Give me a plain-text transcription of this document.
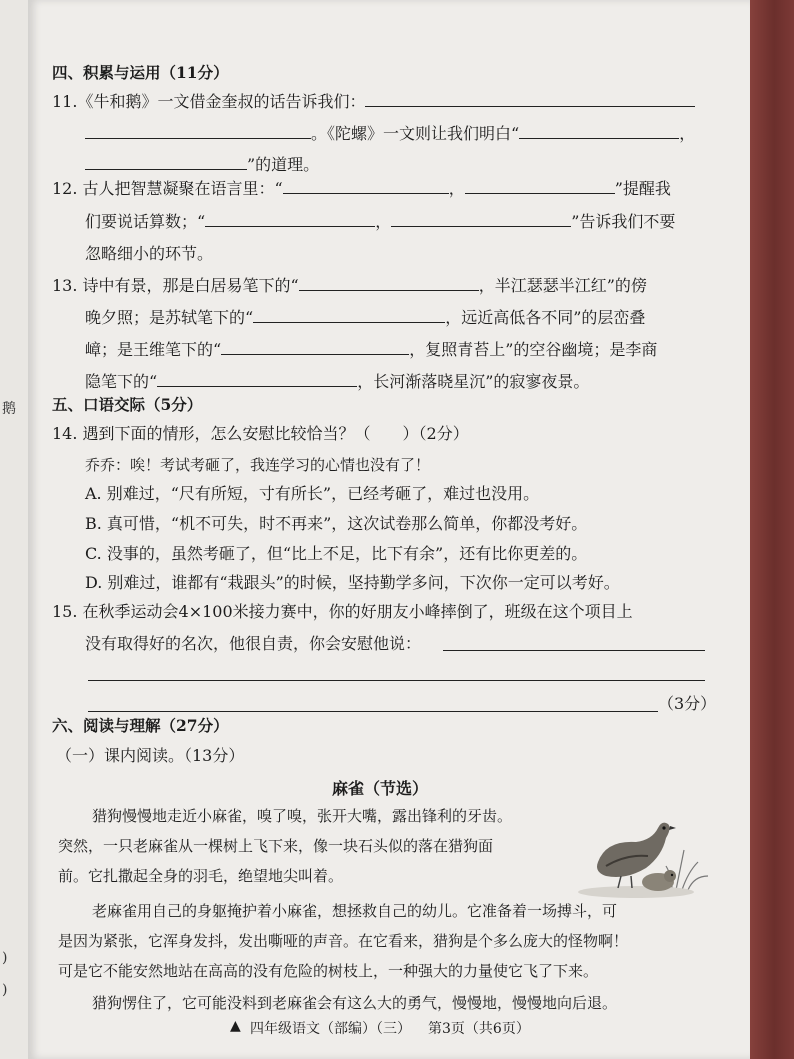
鹅
)
)
四、积累与运用（11分）
11.《牛和鹅》一文借金奎叔的话告诉我们：
。《陀螺》一文则让我们明白“	，
”的道理。
12. 古人把智慧凝聚在语言里：“	，	”提醒我
们要说话算数；“	，	”告诉我们不要
忽略细小的环节。
13. 诗中有景，那是白居易笔下的“	，半江瑟瑟半江红”的傍
晚夕照；是苏轼笔下的“	，远近高低各不同”的层峦叠
嶂；是王维笔下的“	，复照青苔上”的空谷幽境；是李商
隐笔下的“	，长河渐落晓星沉”的寂寥夜景。
五、口语交际（5分）
14. 遇到下面的情形，怎么安慰比较恰当？（　　）（2分）
乔乔：唉！考试考砸了，我连学习的心情也没有了！
A. 别难过，“尺有所短，寸有所长”，已经考砸了，难过也没用。
B. 真可惜，“机不可失，时不再来”，这次试卷那么简单，你都没考好。
C. 没事的，虽然考砸了，但“比上不足，比下有余”，还有比你更差的。
D. 别难过，谁都有“栽跟头”的时候，坚持勤学多问，下次你一定可以考好。
15. 在秋季运动会4×100米接力赛中，你的好朋友小峰摔倒了，班级在这个项目上
没有取得好的名次，他很自责，你会安慰他说：
（3分）
六、阅读与理解（27分）
（一）课内阅读。（13分）
麻雀（节选）
猎狗慢慢地走近小麻雀，嗅了嗅，张开大嘴，露出锋利的牙齿。
突然，一只老麻雀从一棵树上飞下来，像一块石头似的落在猎狗面
前。它扎撒起全身的羽毛，绝望地尖叫着。
老麻雀用自己的身躯掩护着小麻雀，想拯救自己的幼儿。它准备着一场搏斗，可
是因为紧张，它浑身发抖，发出嘶哑的声音。在它看来，猎狗是个多么庞大的怪物啊！
可是它不能安然地站在高高的没有危险的树枝上，一种强大的力量使它飞了下来。
猎狗愣住了，它可能没料到老麻雀会有这么大的勇气，慢慢地，慢慢地向后退。
▲ 四年级语文（部编）（三） 第3页（共6页）
